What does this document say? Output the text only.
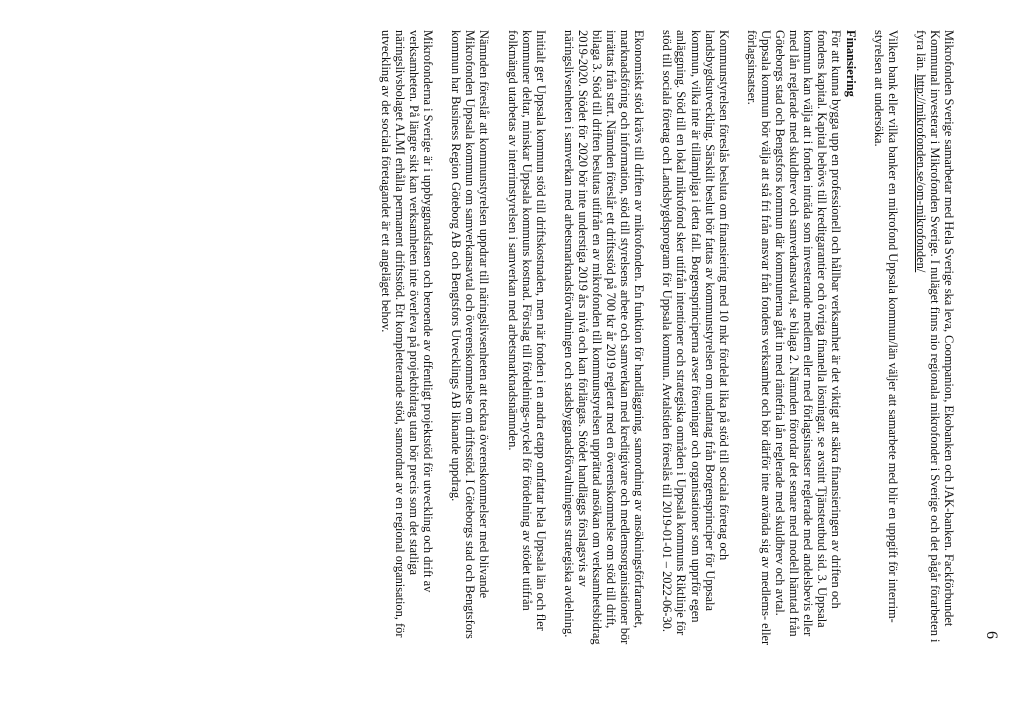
6

Mikrofonden Sverige samarbetar med Hela Sverige ska leva, Coompanion, Ekobanken och JAK-banken. Fackförbundet Kommunal investerar i Mikrofonden Sverige. I nuläget finns nio regionala mikrofonder i Sverige och det pågår förarbeten i fyra län. http://mikrofonden.se/om-mikrofonden/

Vilken bank eller vilka banker en mikrofond Uppsala kommun/län väljer att samarbete med blir en uppgift för interrim-styrelsen att undersöka.

Finansiering

För att kunna bygga upp en professionell och hållbar verksamhet är det viktigt att säkra finansieringen av driften och fondens kapital. Kapital behövs till kreditgarantier och övriga finanella lösningar, se avsnitt Tjänsteutbud sid. 3. Uppsala kommun kan välja att i fonden inträda som investerande medlem eller med förlagsinsatser reglerade med andelsbevis eller med lån reglerade med skuldbrev och samverkansavtal, se bilaga 2. Nämnden förordar det senare med modell hämtad från Göteborgs stad och Bengtsfors kommun där kommunerna gått in med räntefria lån reglerade med skuldbrev och avtal. Uppsala kommun bör välja att stå fri från ansvar från fondens verksamhet och bör därför inte använda sig av medlems- eller förlagsinsatser.

Kommunstyrelsen föreslås besluta om finansiering med 10 mkr fördelat lika på stöd till sociala företag och landsbygdsutveckling. Särskilt beslut bör fattas av kommunstyrelsen om undantag från Borgensprinciper för Uppsala kommun, vilka inte är tillämpliga i detta fall. Borgensprinciperna avser föreningar och organisationer som upprför egen anläggning. Stöd till en lokal mikrofond sker utifrån intentioner och strategiska områden i Uppsala kommuns Riktlinje för stöd till sociala företag och Landsbygdsprogram för Uppsala kommun. Avtalstiden föreslås till 2019-01-01 – 2022-06-30.

Ekonomiskt stöd krävs till driften av mikrofonden. En funktion för handläggning, samordning av ansökningsförfarandet, marknadsföring och information, stöd till styrelsens arbete och samverkan med kreditgivare och medlemsorganisationer bör inrättas från start. Nämnden föreslår ett driftsstöd på 700 tkr år 2019 reglerat med en överenskommelse om stöd till drift, bilaga 3. Stöd till driften beslutas utifrån en av mikrofonden till kommunstyrelsen upprättad ansökan om verksamhetsbidrag 2019-2020. Stödet för 2020 bör inte understiga 2019 års nivå och kan förlängas. Stödet handläggs förslagsvis av näringslivsenheten i samverkan med arbetsmarknadsförvaltningen och stadsbyggnadsförvaltningens strategiska avdelning.

Initialt ger Uppsala kommun stöd till driftskostnaden, men när fonden i en andra etapp omfattar hela Uppsala län och fler kommuner deltar, minskar Uppsala kommuns kostnad. Förslag till fördelnings-nyckel för fördelning av stödet utifrån folkmängd utarbetas av interrimstyrelsen i samverkan med arbetsmarknadsnämnden.

Nämnden föreslår att kommunstyrelsen uppdrar till näringslivsenheten att teckna överenskommelser med blivande Mikrofonden Uppsala kommun om samverkansavtal och överenskommelse om driftsstöd. I Göteborgs stad och Bengtsfors kommun har Business Region Göteborg AB och Bengtsfors Utvecklings AB liknande uppdrag.

Mikrofonderna i Sverige är i uppbyggnadsfasen och beroende av offentligt projektstöd för utveckling och drift av verksamheten. På längre sikt kan verksamheten inte överleva på projektbidrag utan bör precis som det statliga näringslivsbolaget ALMI erhålla permanent driftsstöd. Ett kompletterande stöd, samordnat av en regional organisation, för utveckling av det sociala företagandet är ett angeläget behov.
